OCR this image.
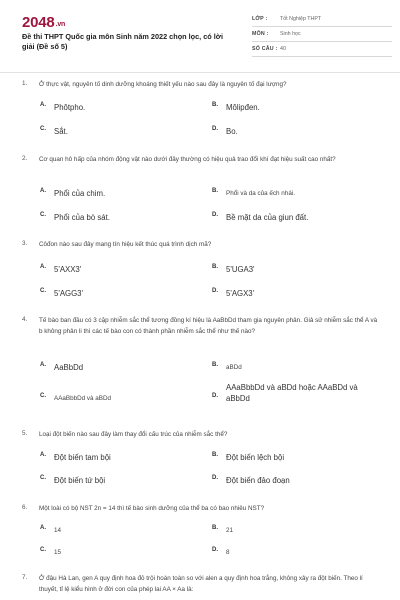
2048.vn
Đề thi THPT Quốc gia môn Sinh năm 2022 chọn lọc, có lời giải (Đề số 5)
LỚP : Tốt Nghiệp THPT
MÔN : Sinh học
SỐ CÂU : 40
1. Ở thực vật, nguyên tố dinh dưỡng khoáng thiết yếu nào sau đây là nguyên tố đại lượng?
A. Phôtpho.	B. Môlipđen.
C. Sắt.	D. Bo.
2. Cơ quan hô hấp của nhóm động vật nào dưới đây thường có hiệu quả trao đổi khí đạt hiệu suất cao nhất?
A. Phổi của chim.	B. Phổi và da của ếch nhái.
C. Phổi của bò sát.	D. Bề mặt da của giun đất.
3. Côđon nào sau đây mang tín hiệu kết thúc quá trình dịch mã?
A. 5'AXX3'	B. 5'UGA3'
C. 5'AGG3'	D. 5'AGX3'
4. Tế bào ban đầu có 3 cặp nhiễm sắc thể tương đồng kí hiệu là AaBbDd tham gia nguyên phân. Giả sử nhiễm sắc thể A và b không phân li thì các tế bào con có thành phần nhiễm sắc thể như thế nào?
A. AaBbDd	B. aBDd
C. AAaBbbDd và aBDd	D.
AAaBbbDd và aBDd hoặc AAaBDd và aBbDd
5. Loại đột biến nào sau đây làm thay đổi cấu trúc của nhiễm sắc thể?
A. Đột biến tam bội	B. Đột biến lệch bội
C. Đột biến tứ bội	D. Đột biến đảo đoạn
6. Một loài có bộ NST 2n = 14 thì tế bào sinh dưỡng của thể ba có bao nhiêu NST?
A. 14	B. 21
C. 15	D. 8
7. Ở đậu Hà Lan, gen A quy định hoa đỏ trội hoàn toàn so với alen a quy định hoa trắng, không xảy ra đột biến. Theo lí thuyết, tỉ lệ kiểu hình ở đời con của phép lai AA × Aa là:
